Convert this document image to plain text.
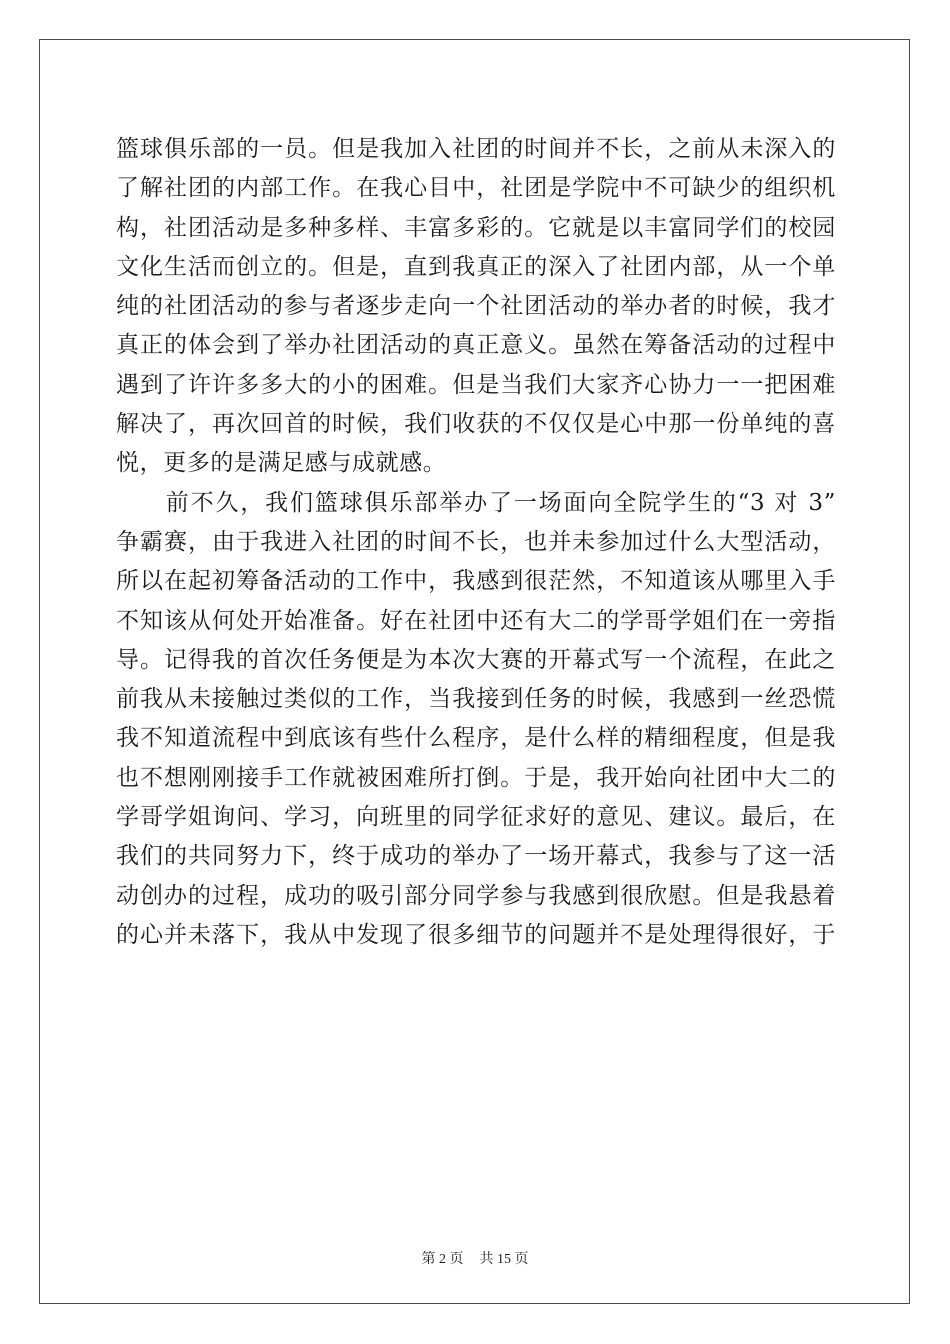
篮球俱乐部的一员。但是我加入社团的时间并不长，之前从未深入的
了解社团的内部工作。在我心目中，社团是学院中不可缺少的组织机
构，社团活动是多种多样、丰富多彩的。它就是以丰富同学们的校园
文化生活而创立的。但是，直到我真正的深入了社团内部，从一个单
纯的社团活动的参与者逐步走向一个社团活动的举办者的时候，我才
真正的体会到了举办社团活动的真正意义。虽然在筹备活动的过程中
遇到了许许多多大的小的困难。但是当我们大家齐心协力一一把困难
解决了，再次回首的时候，我们收获的不仅仅是心中那一份单纯的喜
悦，更多的是满足感与成就感。
　　前不久，我们篮球俱乐部举办了一场面向全院学生的“3 对 3”
争霸赛，由于我进入社团的时间不长，也并未参加过什么大型活动，
所以在起初筹备活动的工作中，我感到很茫然，不知道该从哪里入手
不知该从何处开始准备。好在社团中还有大二的学哥学姐们在一旁指
导。记得我的首次任务便是为本次大赛的开幕式写一个流程，在此之
前我从未接触过类似的工作，当我接到任务的时候，我感到一丝恐慌
我不知道流程中到底该有些什么程序，是什么样的精细程度，但是我
也不想刚刚接手工作就被困难所打倒。于是，我开始向社团中大二的
学哥学姐询问、学习，向班里的同学征求好的意见、建议。最后，在
我们的共同努力下，终于成功的举办了一场开幕式，我参与了这一活
动创办的过程，成功的吸引部分同学参与我感到很欣慰。但是我悬着
的心并未落下，我从中发现了很多细节的问题并不是处理得很好，于
第 2 页 共 15 页
